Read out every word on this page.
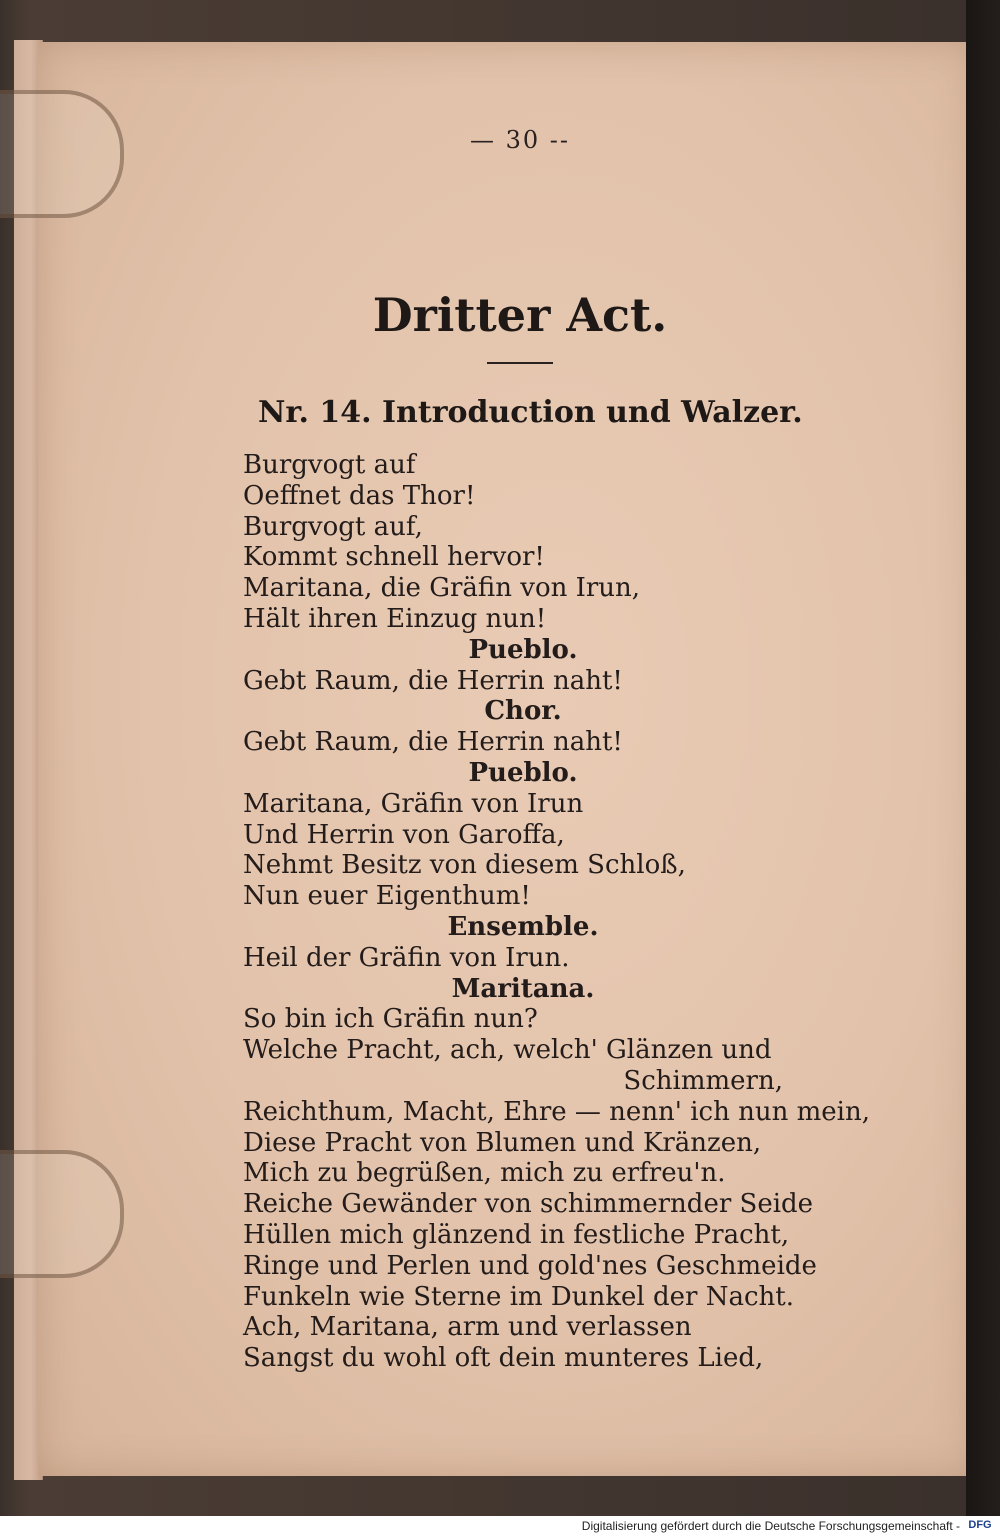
— 30 --
Dritter Act.
Nr. 14. Introduction und Walzer.
Burgvogt auf
Oeffnet das Thor!
Burgvogt auf,
Kommt schnell hervor!
Maritana, die Gräfin von Irun,
Hält ihren Einzug nun!
Pueblo.
Gebt Raum, die Herrin naht!
Chor.
Gebt Raum, die Herrin naht!
Pueblo.
Maritana, Gräfin von Irun
Und Herrin von Garoffa,
Nehmt Besitz von diesem Schloß,
Nun euer Eigenthum!
Ensemble.
Heil der Gräfin von Irun.
Maritana.
So bin ich Gräfin nun?
Welche Pracht, ach, welch' Glänzen und
Schimmern,
Reichthum, Macht, Ehre — nenn' ich nun mein,
Diese Pracht von Blumen und Kränzen,
Mich zu begrüßen, mich zu erfreu'n.
Reiche Gewänder von schimmernder Seide
Hüllen mich glänzend in festliche Pracht,
Ringe und Perlen und gold'nes Geschmeide
Funkeln wie Sterne im Dunkel der Nacht.
Ach, Maritana, arm und verlassen
Sangst du wohl oft dein munteres Lied,
Digitalisierung gefördert durch die Deutsche Forschungsgemeinschaft - DFG
